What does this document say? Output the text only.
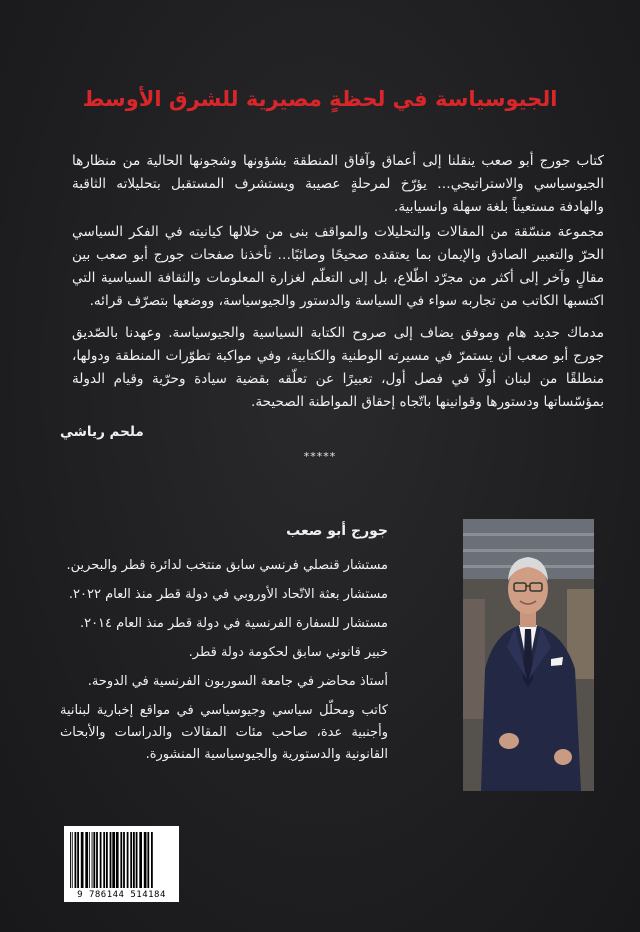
الجيوسياسة في لحظةٍ مصيرية للشرق الأوسط

كتاب جورج أبو صعب ينقلنا إلى أعماق وآفاق المنطقة بشؤونها وشجونها الحالية من منظارها الجيوسياسي والاستراتيجي… يؤرّخ لمرحلةٍ عصيبة ويستشرف المستقبل بتحليلاته الثاقبة والهادفة مستعيناً بلغة سهلة وانسيابية.

مجموعة منسّقة من المقالات والتحليلات والمواقف بنى من خلالها كيانيته في الفكر السياسي الحرّ والتعبير الصادق والإيمان بما يعتقده صحيحًا وصائبًا… تأخذنا صفحات جورج أبو صعب بين مقالٍ وآخر إلى أكثر من مجرّد اطّلاع، بل إلى التعلّم لغزارة المعلومات والثقافة السياسية التي اكتسبها الكاتب من تجاربه سواء في السياسة والدستور والجيوسياسة، ووضعها بتصرّف قرائه.

مدماك جديد هام وموفق يضاف إلى صروح الكتابة السياسية والجيوسياسة. وعهدنا بالصّديق جورج أبو صعب أن يستمرّ في مسيرته الوطنية والكتابية، وفي مواكبة تطوّرات المنطقة ودولها، منطلقًا من لبنان أولًا في فصل أول، تعبيرًا عن تعلّقه بقضية سيادة وحرّية وقيام الدولة بمؤسّساتها ودستورها وقوانينها باتّجاه إحقاق المواطنة الصحيحة.

ملحم رياشي
*****
جورج أبو صعب
مستشار قنصلي فرنسي سابق منتخب لدائرة قطر والبحرين.
مستشار بعثة الاتّحاد الأوروبي في دولة قطر منذ العام ٢٠٢٢.
مستشار للسفارة الفرنسية في دولة قطر منذ العام ٢٠١٤.
خبير قانوني سابق لحكومة دولة قطر.
أستاذ محاضر في جامعة السوربون الفرنسية في الدوحة.
كاتب ومحلّل سياسي وجيوسياسي في مواقع إخبارية لبنانية وأجنبية عدة، صاحب مئات المقالات والدراسات والأبحاث القانونية والدستورية والجيوسياسية المنشورة.
9 786144 514184
